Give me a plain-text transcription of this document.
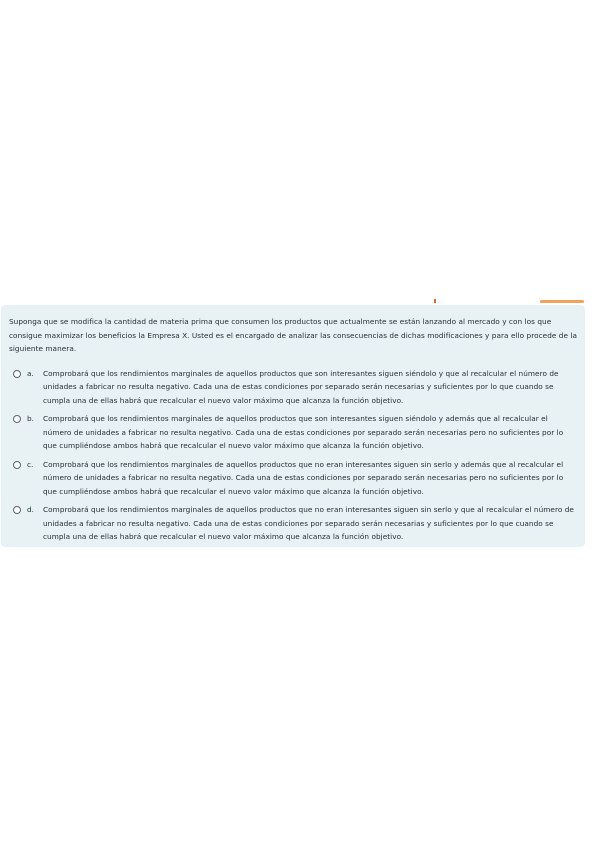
Suponga que se modifica la cantidad de materia prima que consumen los productos que actualmente se están lanzando al mercado y con los que consigue maximizar los beneficios la Empresa X. Usted es el encargado de analizar las consecuencias de dichas modificaciones y para ello procede de la siguiente manera.

a.	Comprobará que los rendimientos marginales de aquellos productos que son interesantes siguen siéndolo y que al recalcular el número de unidades a fabricar no resulta negativo. Cada una de estas condiciones por separado serán necesarias y suficientes por lo que cuando se cumpla una de ellas habrá que recalcular el nuevo valor máximo que alcanza la función objetivo.
b.	Comprobará que los rendimientos marginales de aquellos productos que son interesantes siguen siéndolo y además que al recalcular el número de unidades a fabricar no resulta negativo. Cada una de estas condiciones por separado serán necesarias pero no suficientes por lo que cumpliéndose ambos habrá que recalcular el nuevo valor máximo que alcanza la función objetivo.
c.	Comprobará que los rendimientos marginales de aquellos productos que no eran interesantes siguen sin serlo y además que al recalcular el número de unidades a fabricar no resulta negativo. Cada una de estas condiciones por separado serán necesarias pero no suficientes por lo que cumpliéndose ambos habrá que recalcular el nuevo valor máximo que alcanza la función objetivo.
d.	Comprobará que los rendimientos marginales de aquellos productos que no eran interesantes siguen sin serlo y que al recalcular el número de unidades a fabricar no resulta negativo. Cada una de estas condiciones por separado serán necesarias y suficientes por lo que cuando se cumpla una de ellas habrá que recalcular el nuevo valor máximo que alcanza la función objetivo.
